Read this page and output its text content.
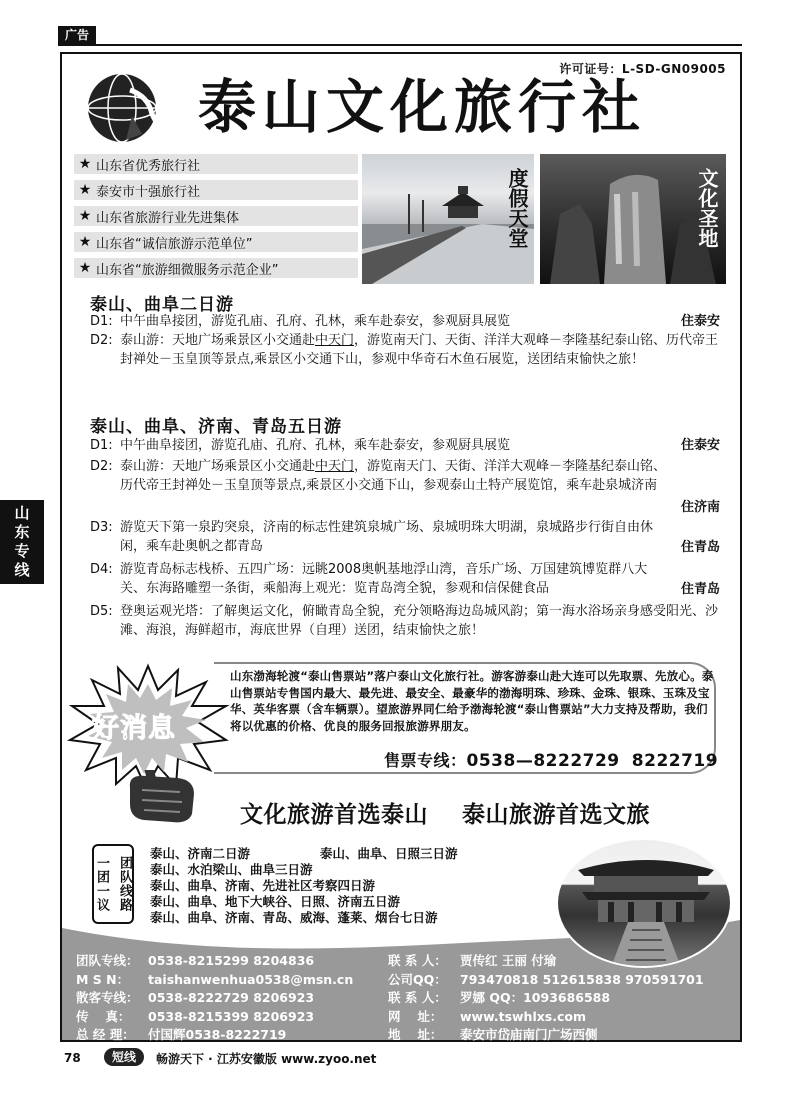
广告
山
东
专
线
许可证号：L-SD-GN09005
泰山文化旅行社
★ 山东省优秀旅行社
★ 泰安市十强旅行社
★ 山东省旅游行业先进集体
★ 山东省“诚信旅游示范单位”
★ 山东省“旅游细微服务示范企业”
度假天堂	文化圣地
泰山、曲阜二日游
D1: 中午曲阜接团，游览孔庙、孔府、孔林，乘车赴泰安，参观厨具展览	住泰安
D2: 泰山游：天地广场乘景区小交通赴中天门，游览南天门、天街、洋洋大观峰－李隆基纪泰山铭、历代帝王封禅处－玉皇顶等景点,乘景区小交通下山，参观中华奇石木鱼石展览，送团结束愉快之旅！
泰山、曲阜、济南、青岛五日游
D1: 中午曲阜接团，游览孔庙、孔府、孔林，乘车赴泰安，参观厨具展览	住泰安
D2: 泰山游：天地广场乘景区小交通赴中天门，游览南天门、天街、洋洋大观峰－李隆基纪泰山铭、历代帝王封禅处－玉皇顶等景点,乘景区小交通下山，参观泰山土特产展览馆，乘车赴泉城济南
住济南
D3: 游览天下第一泉趵突泉，济南的标志性建筑泉城广场、泉城明珠大明湖，泉城路步行街自由休闲，乘车赴奥帆之都青岛	住青岛
D4: 游览青岛标志栈桥、五四广场：远眺2008奥帆基地浮山湾，音乐广场、万国建筑博览群八大关、东海路雕塑一条街，乘船海上观光：览青岛湾全貌，参观和信保健食品	住青岛
D5: 登奥运观光塔：了解奥运文化，俯瞰青岛全貌，充分领略海边岛城风韵；第一海水浴场亲身感受阳光、沙滩、海浪，海鲜超市，海底世界（自理）送团，结束愉快之旅！
好消息
山东渤海轮渡“泰山售票站”落户泰山文化旅行社。游客游泰山赴大连可以先取票、先放心。泰山售票站专售国内最大、最先进、最安全、最豪华的渤海明珠、珍珠、金珠、银珠、玉珠及宝华、英华客票（含车辆票）。望旅游界同仁给予渤海轮渡“泰山售票站”大力支持及帮助，我们将以优惠的价格、优良的服务回报旅游界朋友。
售票专线：0538—8222729 8222719
文化旅游首选泰山 泰山旅游首选文旅
一团一议 团队线路
泰山、济南二日游	泰山、曲阜、日照三日游
泰山、水泊梁山、曲阜三日游
泰山、曲阜、济南、先进社区考察四日游
泰山、曲阜、地下大峡谷、日照、济南五日游
泰山、曲阜、济南、青岛、威海、蓬莱、烟台七日游
团队专线： 0538-8215299 8204836	联 系 人： 贾传红 王丽 付瑜
M S N： taishanwenhua0538@msn.cn	公司QQ： 793470818 512615838 970591701
散客专线： 0538-8222729 8206923	联 系 人： 罗娜 QQ：1093686588
传　 真： 0538-8215399 8206923	网　 址： www.tswhlxs.com
总 经 理： 付国辉0538-8222719	地　 址： 泰安市岱庙南门广场西侧
78	短线	畅游天下 · 江苏安徽版 www.zyoo.net
